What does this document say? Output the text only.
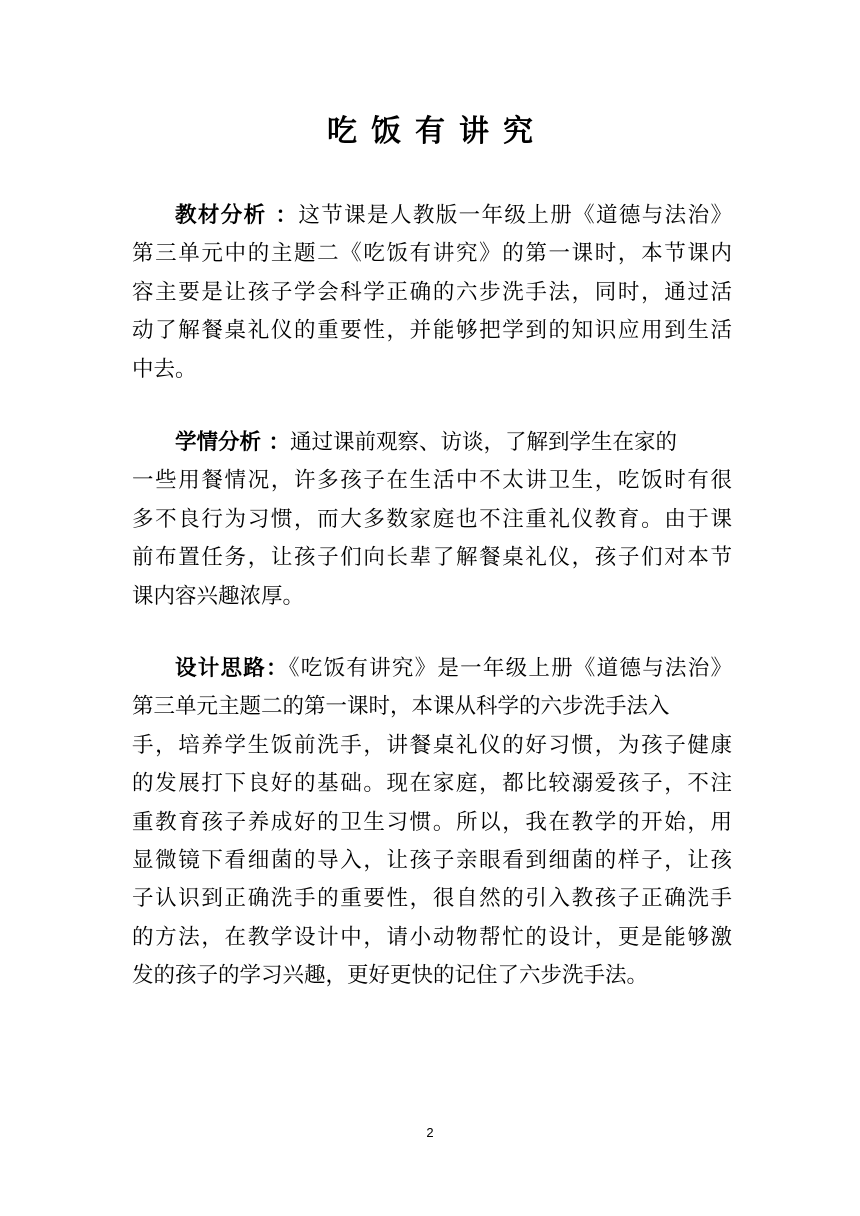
吃饭有讲究
教材分析 ：这节课是人教版一年级上册《道德与法治》
第三单元中的主题二《吃饭有讲究》的第一课时，本节课内
容主要是让孩子学会科学正确的六步洗手法，同时，通过活
动了解餐桌礼仪的重要性，并能够把学到的知识应用到生活
中去。
学情分析 ：通过课前观察、访谈，了解到学生在家的
一些用餐情况，许多孩子在生活中不太讲卫生，吃饭时有很
多不良行为习惯，而大多数家庭也不注重礼仪教育。由于课
前布置任务，让孩子们向长辈了解餐桌礼仪，孩子们对本节
课内容兴趣浓厚。
设计思路：《吃饭有讲究》是一年级上册《道德与法治》
第三单元主题二的第一课时，本课从科学的六步洗手法入
手，培养学生饭前洗手，讲餐桌礼仪的好习惯，为孩子健康
的发展打下良好的基础。现在家庭，都比较溺爱孩子，不注
重教育孩子养成好的卫生习惯。所以，我在教学的开始，用
显微镜下看细菌的导入，让孩子亲眼看到细菌的样子，让孩
子认识到正确洗手的重要性，很自然的引入教孩子正确洗手
的方法，在教学设计中，请小动物帮忙的设计，更是能够激
发的孩子的学习兴趣，更好更快的记住了六步洗手法。
2
